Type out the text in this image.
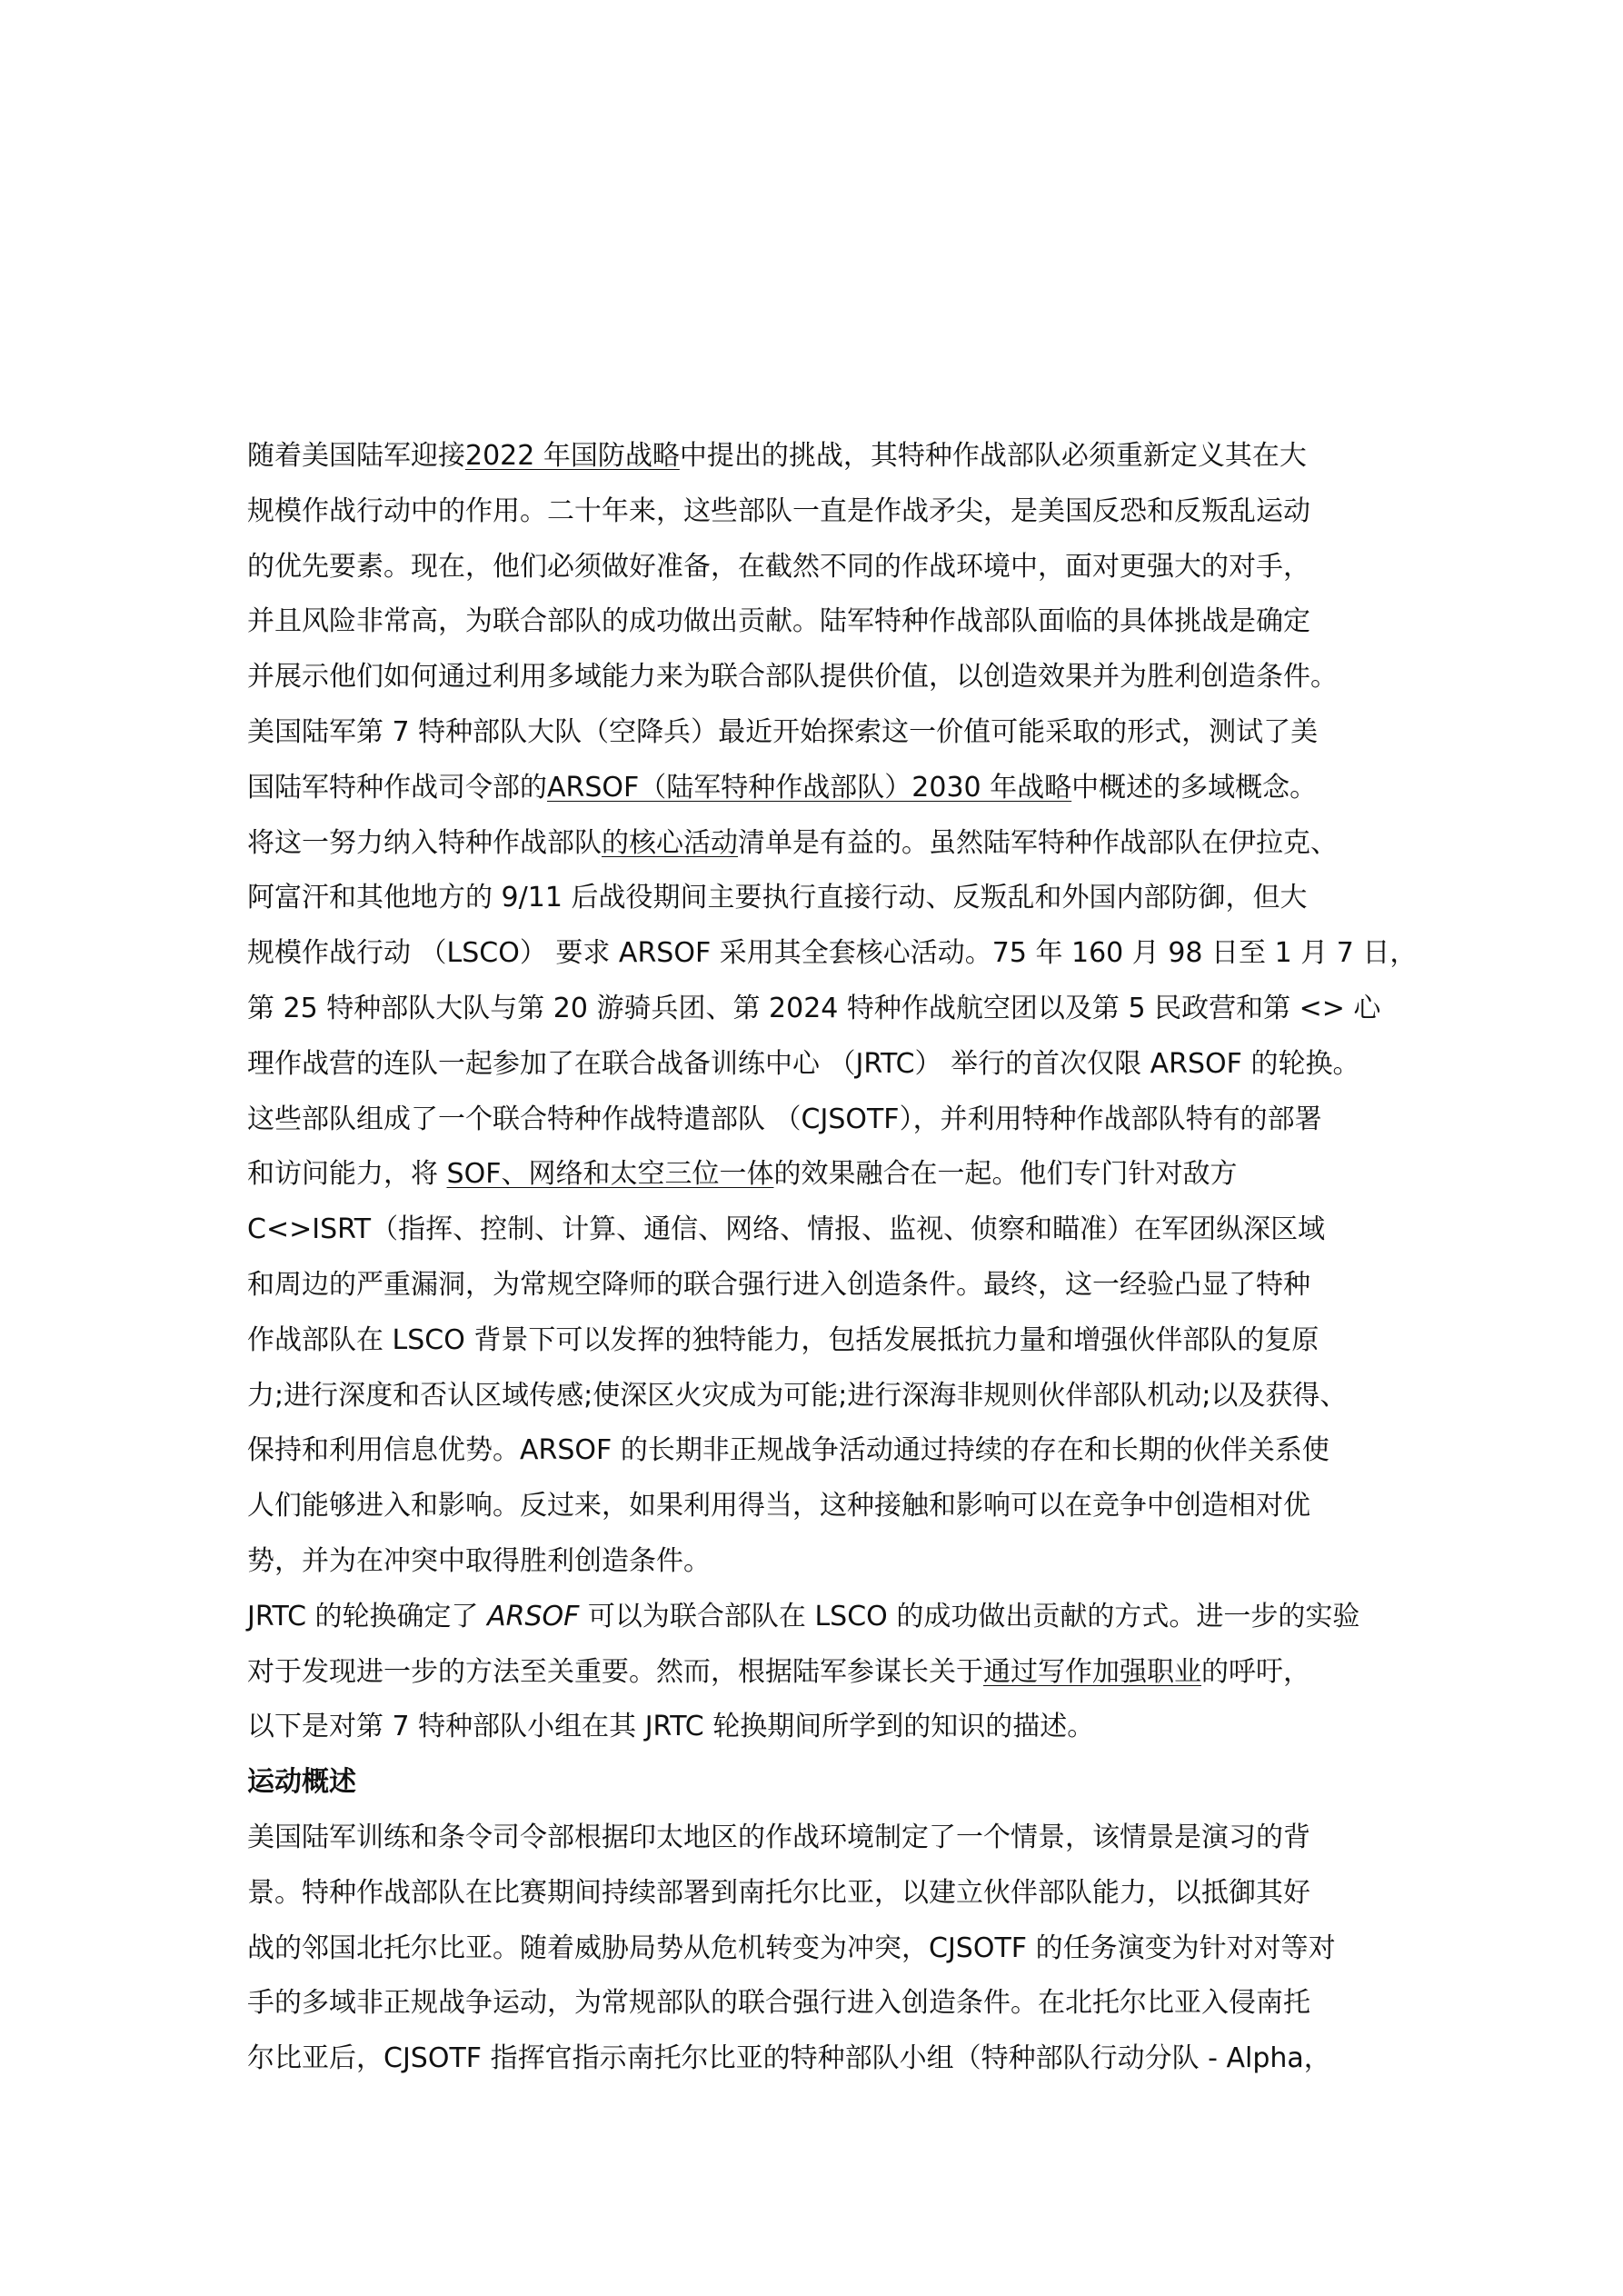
随着美国陆军迎接2022 年国防战略中提出的挑战，其特种作战部队必须重新定义其在大
规模作战行动中的作用。二十年来，这些部队一直是作战矛尖，是美国反恐和反叛乱运动
的优先要素。现在，他们必须做好准备，在截然不同的作战环境中，面对更强大的对手，
并且风险非常高，为联合部队的成功做出贡献。陆军特种作战部队面临的具体挑战是确定
并展示他们如何通过利用多域能力来为联合部队提供价值，以创造效果并为胜利创造条件。
美国陆军第 7 特种部队大队（空降兵）最近开始探索这一价值可能采取的形式，测试了美
国陆军特种作战司令部的ARSOF（陆军特种作战部队）2030 年战略中概述的多域概念。
将这一努力纳入特种作战部队的核心活动清单是有益的。虽然陆军特种作战部队在伊拉克、
阿富汗和其他地方的 9/11 后战役期间主要执行直接行动、反叛乱和外国内部防御，但大
规模作战行动 （LSCO） 要求 ARSOF 采用其全套核心活动。75 年 160 月 98 日至 1 月 7 日，
第 25 特种部队大队与第 20 游骑兵团、第 2024 特种作战航空团以及第 5 民政营和第 <> 心
理作战营的连队一起参加了在联合战备训练中心 （JRTC） 举行的首次仅限 ARSOF 的轮换。
这些部队组成了一个联合特种作战特遣部队 （CJSOTF），并利用特种作战部队特有的部署
和访问能力，将 SOF、网络和太空三位一体的效果融合在一起。他们专门针对敌方
C<>ISRT（指挥、控制、计算、通信、网络、情报、监视、侦察和瞄准）在军团纵深区域
和周边的严重漏洞，为常规空降师的联合强行进入创造条件。最终，这一经验凸显了特种
作战部队在 LSCO 背景下可以发挥的独特能力，包括发展抵抗力量和增强伙伴部队的复原
力;进行深度和否认区域传感;使深区火灾成为可能;进行深海非规则伙伴部队机动;以及获得、
保持和利用信息优势。ARSOF 的长期非正规战争活动通过持续的存在和长期的伙伴关系使
人们能够进入和影响。反过来，如果利用得当，这种接触和影响可以在竞争中创造相对优
势，并为在冲突中取得胜利创造条件。
JRTC 的轮换确定了 ARSOF 可以为联合部队在 LSCO 的成功做出贡献的方式。进一步的实验
对于发现进一步的方法至关重要。然而，根据陆军参谋长关于通过写作加强职业的呼吁，
以下是对第 7 特种部队小组在其 JRTC 轮换期间所学到的知识的描述。
运动概述
美国陆军训练和条令司令部根据印太地区的作战环境制定了一个情景，该情景是演习的背
景。特种作战部队在比赛期间持续部署到南托尔比亚，以建立伙伴部队能力，以抵御其好
战的邻国北托尔比亚。随着威胁局势从危机转变为冲突，CJSOTF 的任务演变为针对对等对
手的多域非正规战争运动，为常规部队的联合强行进入创造条件。在北托尔比亚入侵南托
尔比亚后，CJSOTF 指挥官指示南托尔比亚的特种部队小组（特种部队行动分队 - Alpha，
